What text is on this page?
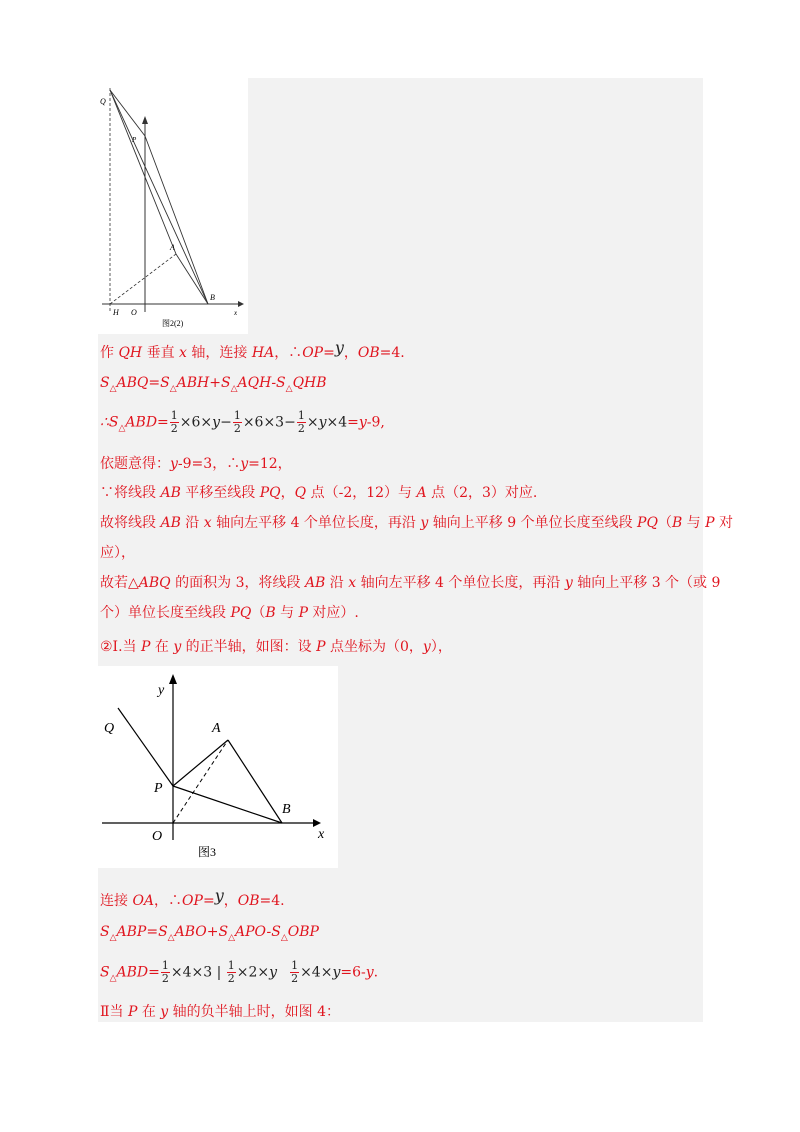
Q
P
A
B
H O	x
图2(2)
作 QH 垂直 x 轴，连接 HA，∴OP=y，OB=4.
$S_\triangle ABQ=S_\triangle ABH+S_\triangle AQH-S_\triangle QHB$
$\therefore S_\triangle ABD= \frac{1}{2} \times 6\times y- \frac{1}{2} \times 6\times 3- \frac{1}{2} \times y\times 4=y-9$,
依题意得：y-9=3，∴y=12，
∵将线段 AB 平移至线段 PQ，Q 点（-2，12）与 A 点（2，3）对应.
故将线段 AB 沿 x 轴向左平移 4 个单位长度，再沿 y 轴向上平移 9 个单位长度至线段 PQ（B 与 P 对
应），
故若△ABQ 的面积为 3，将线段 AB 沿 x 轴向左平移 4 个单位长度，再沿 y 轴向上平移 3 个（或 9
个）单位长度至线段 PQ（B 与 P 对应）.
②Ⅰ.当 P 在 y 的正半轴，如图：设 P 点坐标为（0，y），
y
Q	A
P
B
O	x
图3
连接 OA，∴OP=y，OB=4.
$S_\triangle ABP=S_\triangle ABO+S_\triangle APO-S_\triangle OBP$
$S_\triangle ABD= \frac{1}{2} \times 4\times 3$ | $\frac{1}{2} \times 2\times y \frac{1}{2} \times 4\times y=6-y$.
Ⅱ当 P 在 y 轴的负半轴上时，如图 4：
